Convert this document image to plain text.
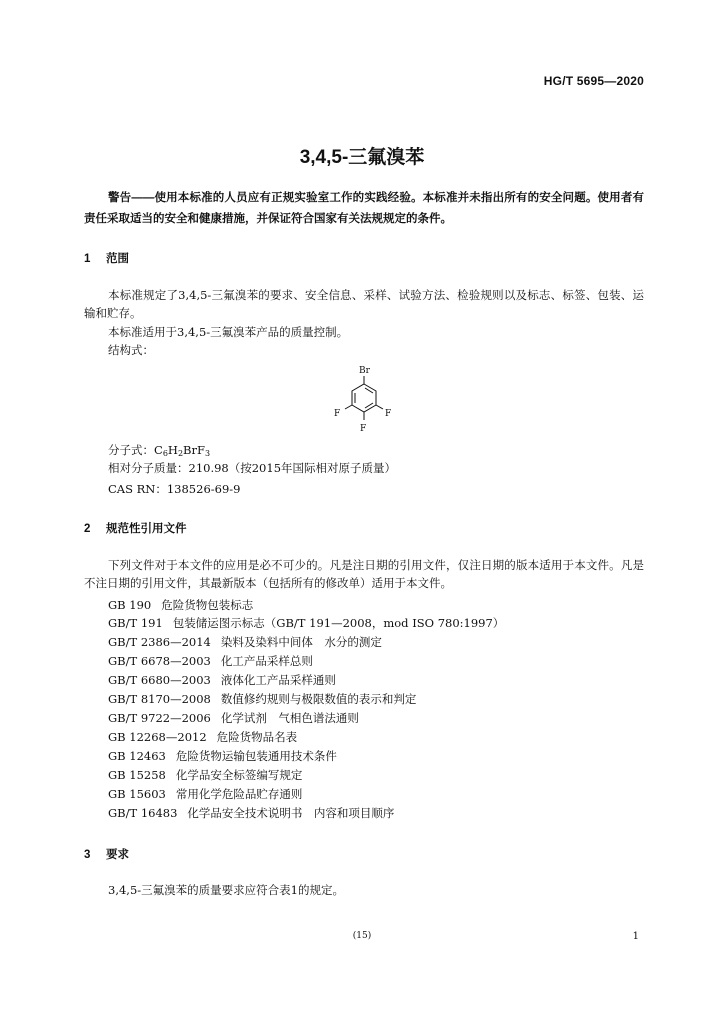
HG/T 5695—2020
3,4,5-三氟溴苯
警告——使用本标准的人员应有正规实验室工作的实践经验。本标准并未指出所有的安全问题。使用者有责任采取适当的安全和健康措施，并保证符合国家有关法规规定的条件。
1 范围
本标准规定了3,4,5-三氟溴苯的要求、安全信息、采样、试验方法、检验规则以及标志、标签、包装、运输和贮存。
本标准适用于3,4,5-三氟溴苯产品的质量控制。
结构式：
Br
F	F
F
分子式：$C_6H_2BrF_3$
相对分子质量：210.98（按2015年国际相对原子质量）
CAS RN：138526-69-9
2 规范性引用文件
下列文件对于本文件的应用是必不可少的。凡是注日期的引用文件，仅注日期的版本适用于本文件。凡是不注日期的引用文件，其最新版本（包括所有的修改单）适用于本文件。
GB 190 危险货物包装标志
GB/T 191 包装储运图示标志（GB/T 191—2008，mod ISO 780:1997）
GB/T 2386—2014 染料及染料中间体　水分的测定
GB/T 6678—2003 化工产品采样总则
GB/T 6680—2003 液体化工产品采样通则
GB/T 8170—2008 数值修约规则与极限数值的表示和判定
GB/T 9722—2006 化学试剂　气相色谱法通则
GB 12268—2012 危险货物品名表
GB 12463 危险货物运输包装通用技术条件
GB 15258 化学品安全标签编写规定
GB 15603 常用化学危险品贮存通则
GB/T 16483 化学品安全技术说明书　内容和项目顺序
3 要求
3,4,5-三氟溴苯的质量要求应符合表1的规定。
(15)	1
